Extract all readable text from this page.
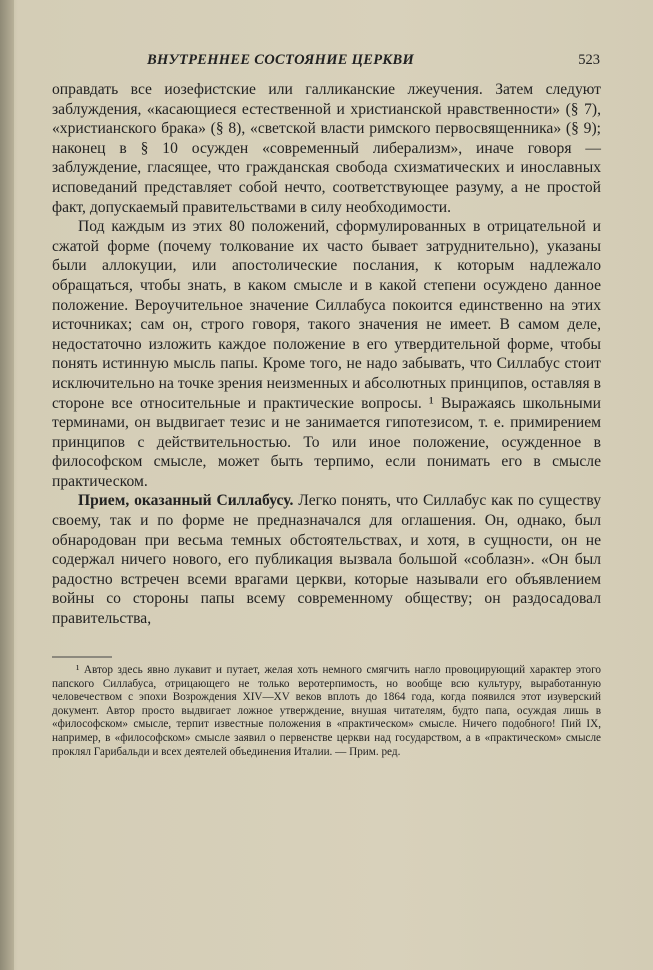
ВНУТРЕННЕЕ СОСТОЯНИЕ ЦЕРКВИ	523

оправдать все иозефистские или галликанские лжеучения. Затем следуют заблуждения, «касающиеся естественной и христианской нравственности» (§ 7), «христианского брака» (§ 8), «светской власти римского первосвященника» (§ 9); наконец в § 10 осужден «современный либерализм», иначе говоря — заблуждение, гласящее, что гражданская свобода схизматических и инославных исповеданий представляет собой нечто, соответствующее разуму, а не простой факт, допускаемый правительствами в силу необходимости.

Под каждым из этих 80 положений, сформулированных в отрицательной и сжатой форме (почему толкование их часто бывает затруднительно), указаны были аллокуции, или апостолические послания, к которым надлежало обращаться, чтобы знать, в каком смысле и в какой степени осуждено данное положение. Вероучительное значение Силлабуса покоится единственно на этих источниках; сам он, строго говоря, такого значения не имеет. В самом деле, недостаточно изложить каждое положение в его утвердительной форме, чтобы понять истинную мысль папы. Кроме того, не надо забывать, что Силлабус стоит исключительно на точке зрения неизменных и абсолютных принципов, оставляя в стороне все относительные и практические вопросы. ¹ Выражаясь школьными терминами, он выдвигает тезис и не занимается гипотезисом, т. е. примирением принципов с действительностью. То или иное положение, осужденное в философском смысле, может быть терпимо, если понимать его в смысле практическом.

Прием, оказанный Силлабусу. Легко понять, что Силлабус как по существу своему, так и по форме не предназначался для оглашения. Он, однако, был обнародован при весьма темных обстоятельствах, и хотя, в сущности, он не содержал ничего нового, его публикация вызвала большой «соблазн». «Он был радостно встречен всеми врагами церкви, которые называли его объявлением войны со стороны папы всему современному обществу; он раздосадовал правительства,

¹ Автор здесь явно лукавит и путает, желая хоть немного смягчить нагло провоцирующий характер этого папского Силлабуса, отрицающего не только веротерпимость, но вообще всю культуру, выработанную человечеством с эпохи Возрождения XIV—XV веков вплоть до 1864 года, когда появился этот изуверский документ. Автор просто выдвигает ложное утверждение, внушая читателям, будто папа, осуждая лишь в «философском» смысле, терпит известные положения в «практическом» смысле. Ничего подобного! Пий IX, например, в «философском» смысле заявил о первенстве церкви над государством, а в «практическом» смысле проклял Гарибальди и всех деятелей объединения Италии. — Прим. ред.
